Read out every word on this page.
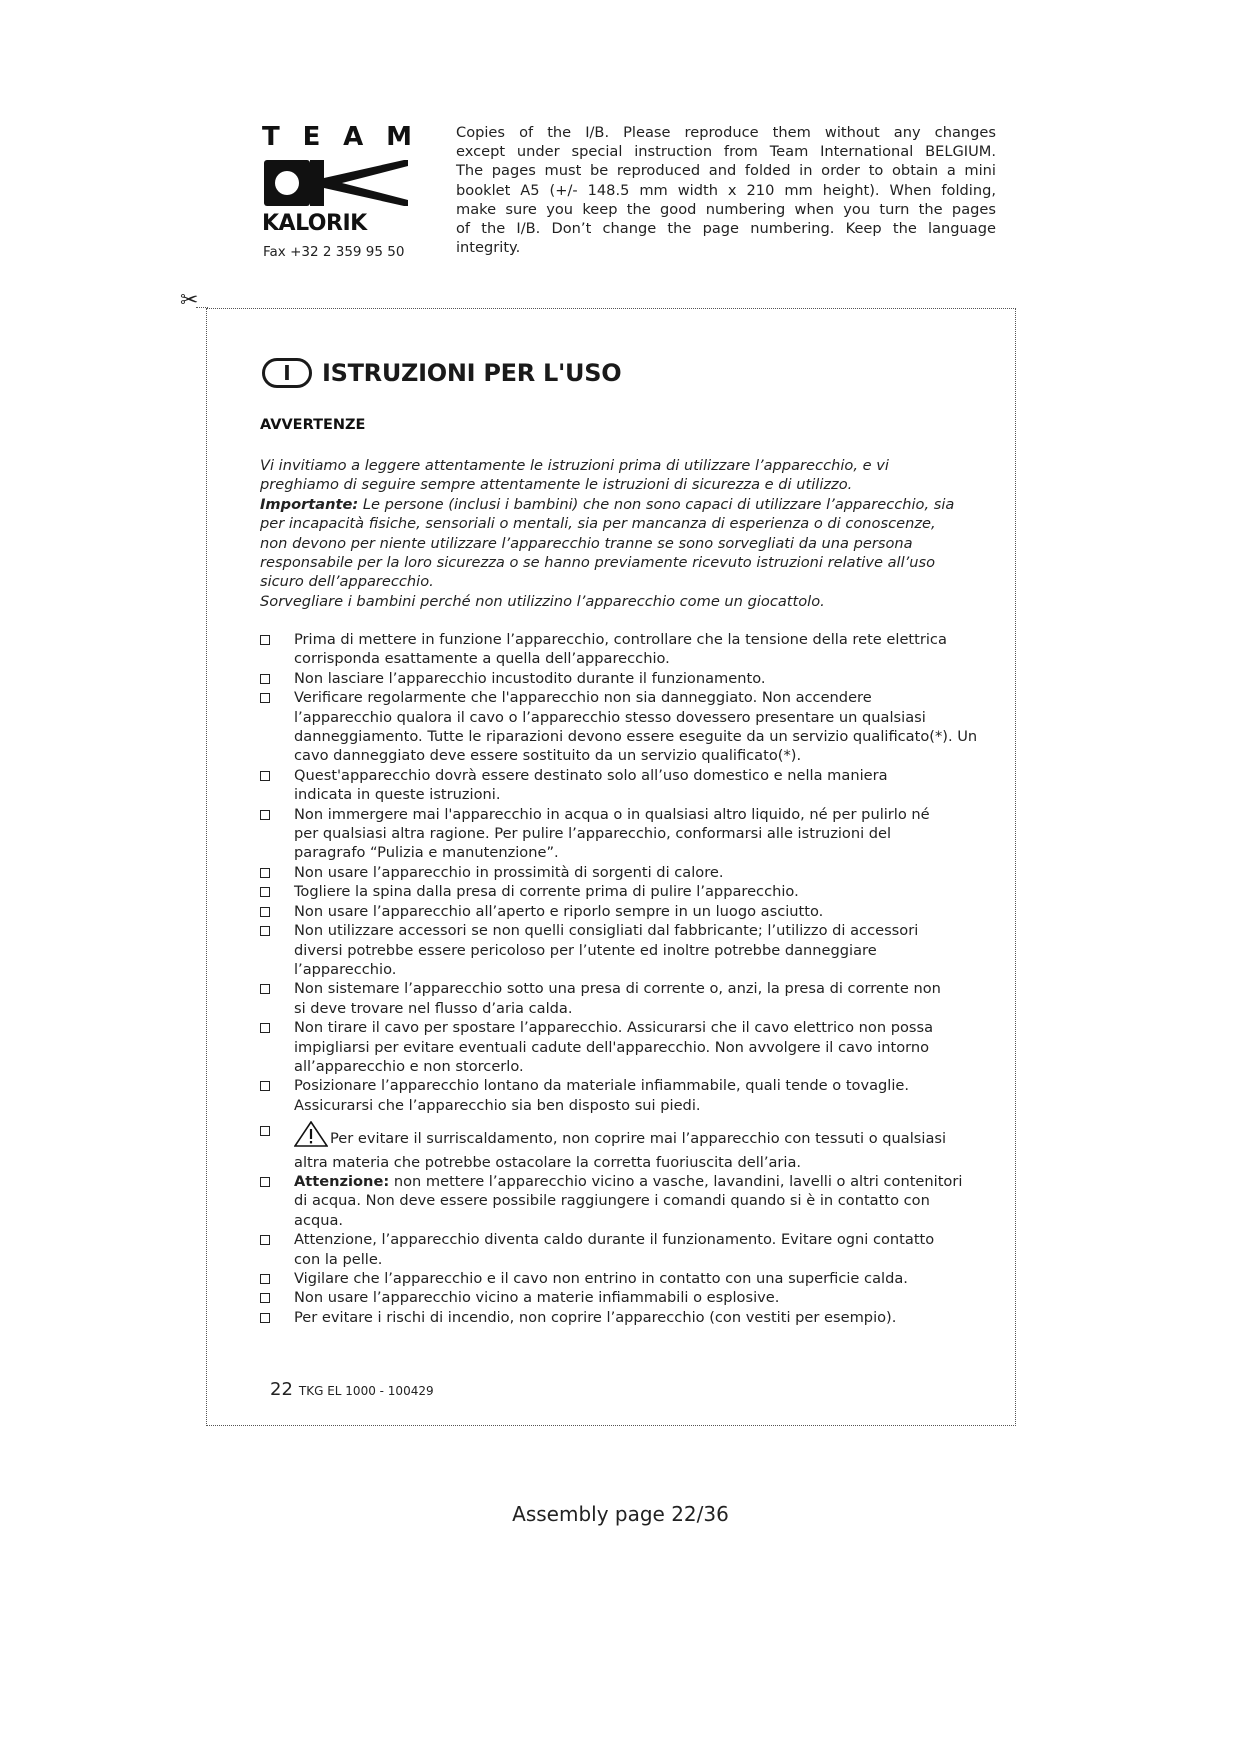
T E A M
KALORIK
Fax +32 2 359 95 50
Copies of the I/B. Please reproduce them without any changes
except under special instruction from Team International BELGIUM.
The pages must be reproduced and folded in order to obtain a mini
booklet A5 (+/- 148.5 mm width x 210 mm height). When folding,
make sure you keep the good numbering when you turn the pages
of the I/B. Don’t change the page numbering. Keep the language
integrity.
✂
I	ISTRUZIONI PER L'USO
AVVERTENZE
Vi invitiamo a leggere attentamente le istruzioni prima di utilizzare l’apparecchio, e vi
preghiamo di seguire sempre attentamente le istruzioni di sicurezza e di utilizzo.
Importante: Le persone (inclusi i bambini) che non sono capaci di utilizzare l’apparecchio, sia
per incapacità fisiche, sensoriali o mentali, sia per mancanza di esperienza o di conoscenze,
non devono per niente utilizzare l’apparecchio tranne se sono sorvegliati da una persona
responsabile per la loro sicurezza o se hanno previamente ricevuto istruzioni relative all’uso
sicuro dell’apparecchio.
Sorvegliare i bambini perché non utilizzino l’apparecchio come un giocattolo.
Prima di mettere in funzione l’apparecchio, controllare che la tensione della rete elettrica
corrisponda esattamente a quella dell’apparecchio.
Non lasciare l’apparecchio incustodito durante il funzionamento.
Verificare regolarmente che l'apparecchio non sia danneggiato. Non accendere
l’apparecchio qualora il cavo o l’apparecchio stesso dovessero presentare un qualsiasi
danneggiamento. Tutte le riparazioni devono essere eseguite da un servizio qualificato(*). Un
cavo danneggiato deve essere sostituito da un servizio qualificato(*).
Quest'apparecchio dovrà essere destinato solo all’uso domestico e nella maniera
indicata in queste istruzioni.
Non immergere mai l'apparecchio in acqua o in qualsiasi altro liquido, né per pulirlo né
per qualsiasi altra ragione. Per pulire l’apparecchio, conformarsi alle istruzioni del
paragrafo “Pulizia e manutenzione”.
Non usare l’apparecchio in prossimità di sorgenti di calore.
Togliere la spina dalla presa di corrente prima di pulire l’apparecchio.
Non usare l’apparecchio all’aperto e riporlo sempre in un luogo asciutto.
Non utilizzare accessori se non quelli consigliati dal fabbricante; l’utilizzo di accessori
diversi potrebbe essere pericoloso per l’utente ed inoltre potrebbe danneggiare
l’apparecchio.
Non sistemare l’apparecchio sotto una presa di corrente o, anzi, la presa di corrente non
si deve trovare nel flusso d’aria calda.
Non tirare il cavo per spostare l’apparecchio. Assicurarsi che il cavo elettrico non possa
impigliarsi per evitare eventuali cadute dell'apparecchio. Non avvolgere il cavo intorno
all’apparecchio e non storcerlo.
Posizionare l’apparecchio lontano da materiale infiammabile, quali tende o tovaglie.
Assicurarsi che l’apparecchio sia ben disposto sui piedi.
Per evitare il surriscaldamento, non coprire mai l’apparecchio con tessuti o qualsiasi
altra materia che potrebbe ostacolare la corretta fuoriuscita dell’aria.
Attenzione: non mettere l’apparecchio vicino a vasche, lavandini, lavelli o altri contenitori
di acqua. Non deve essere possibile raggiungere i comandi quando si è in contatto con
acqua.
Attenzione, l’apparecchio diventa caldo durante il funzionamento. Evitare ogni contatto
con la pelle.
Vigilare che l’apparecchio e il cavo non entrino in contatto con una superficie calda.
Non usare l’apparecchio vicino a materie infiammabili o esplosive.
Per evitare i rischi di incendio, non coprire l’apparecchio (con vestiti per esempio).
22 TKG EL 1000 - 100429
Assembly page 22/36
